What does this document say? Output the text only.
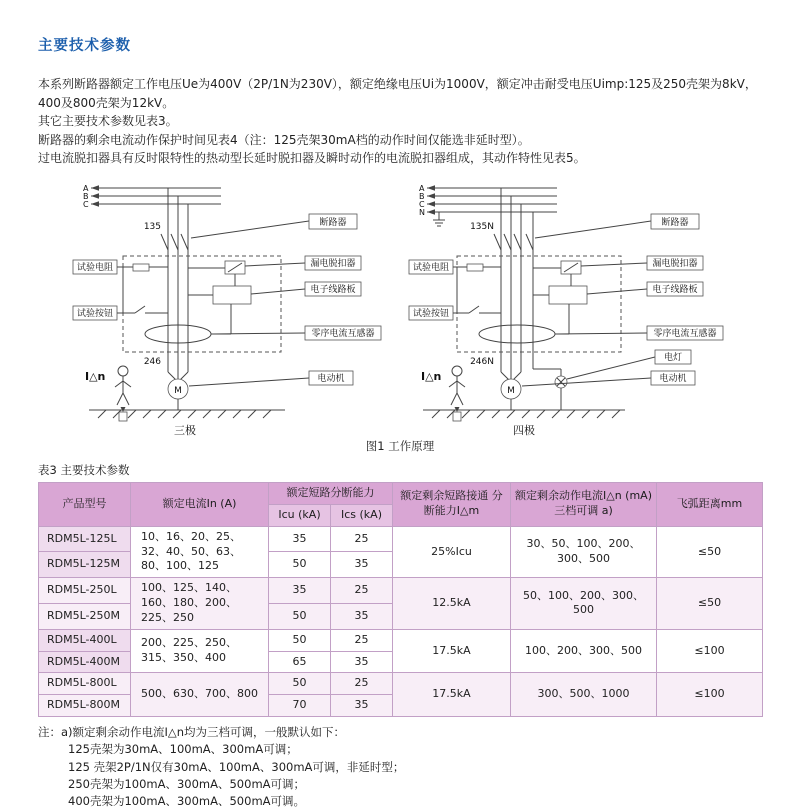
主要技术参数

本系列断路器额定工作电压Ue为400V（2P/1N为230V），额定绝缘电压Ui为1000V，额定冲击耐受电压Uimp:125及250壳架为8kV，400及800壳架为12kV。

其它主要技术参数见表3。

断路器的剩余电流动作保护时间见表4（注：125壳架30mA档的动作时间仅能选非延时型）。

过电流脱扣器具有反时限特性的热动型长延时脱扣器及瞬时动作的电流脱扣器组成，其动作特性见表5。

A
B
C
135	断路器
试验电阻	漏电脱扣器
电子线路板
试验按钮
零序电流互感器
246
M
电动机
I△n
三极
A
B
C
N
135N	断路器
试验电阻	漏电脱扣器
电子线路板
试验按钮
零序电流互感器
246N	电灯
M
电动机
I△n
四极
图1 工作原理
表3 主要技术参数
产品型号	额定电流In (A)	额定短路分断能力		额定剩余短路接通 分断能力I△m	额定剩余动作电流I△n (mA) 三档可调 a)	飞弧距离mm
		Icu (kA)	Ics (kA)			
RDM5L-125L	10、16、20、25、32、40、50、63、80、100、125	35	25	25%Icu	30、50、100、200、300、500	≤50
RDM5L-125M		50	35			
RDM5L-250L	100、125、140、160、180、200、225、250	35	25	12.5kA	50、100、200、300、500	≤50
RDM5L-250M		50	35			
RDM5L-400L	200、225、250、315、350、400	50	25	17.5kA	100、200、300、500	≤100
RDM5L-400M		65	35			
RDM5L-800L	500、630、700、800	50	25	17.5kA	300、500、1000	≤100
RDM5L-800M		70	35			

注：a)额定剩余动作电流I△n均为三档可调，一般默认如下：

125壳架为30mA、100mA、300mA可调；

125 壳架2P/1N仅有30mA、100mA、300mA可调，非延时型；

250壳架为100mA、300mA、500mA可调；

400壳架为100mA、300mA、500mA可调。
